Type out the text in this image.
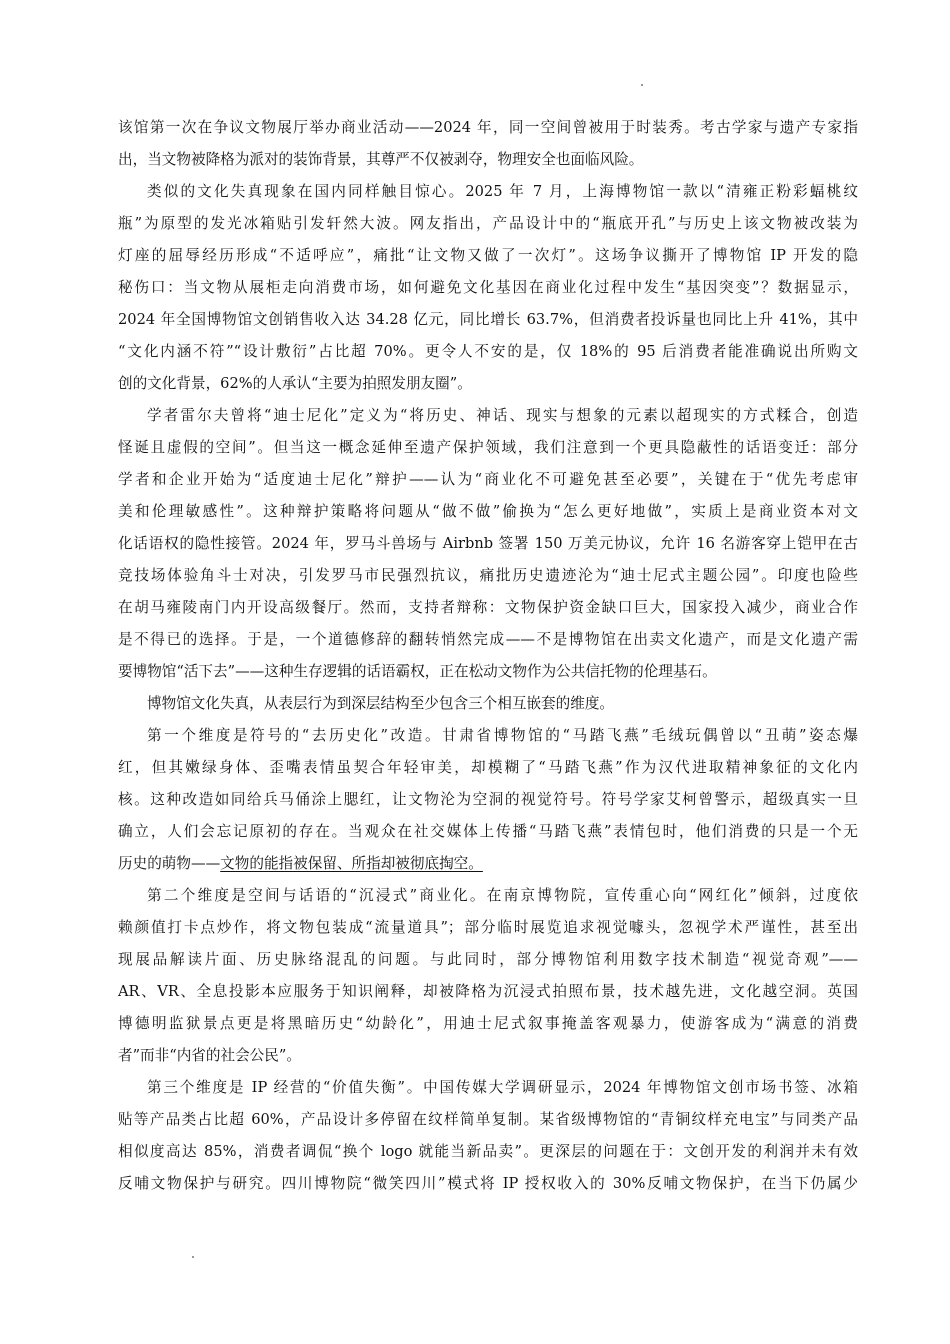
该馆第一次在争议文物展厅举办商业活动——2024 年，同一空间曾被用于时装秀。考古学家与遗产专家指
出，当文物被降格为派对的装饰背景，其尊严不仅被剥夺，物理安全也面临风险。
类似的文化失真现象在国内同样触目惊心。2025 年 7 月，上海博物馆一款以“清雍正粉彩蝠桃纹
瓶”为原型的发光冰箱贴引发轩然大波。网友指出，产品设计中的“瓶底开孔”与历史上该文物被改装为
灯座的屈辱经历形成“不适呼应”，痛批“让文物又做了一次灯”。这场争议撕开了博物馆 IP 开发的隐
秘伤口：当文物从展柜走向消费市场，如何避免文化基因在商业化过程中发生“基因突变”？数据显示，
2024 年全国博物馆文创销售收入达 34.28 亿元，同比增长 63.7%，但消费者投诉量也同比上升 41%，其中
“文化内涵不符”“设计敷衍”占比超 70%。更令人不安的是，仅 18%的 95 后消费者能准确说出所购文
创的文化背景，62%的人承认“主要为拍照发朋友圈”。
学者雷尔夫曾将“迪士尼化”定义为“将历史、神话、现实与想象的元素以超现实的方式糅合，创造
怪诞且虚假的空间”。但当这一概念延伸至遗产保护领域，我们注意到一个更具隐蔽性的话语变迁：部分
学者和企业开始为“适度迪士尼化”辩护——认为“商业化不可避免甚至必要”，关键在于“优先考虑审
美和伦理敏感性”。这种辩护策略将问题从“做不做”偷换为“怎么更好地做”，实质上是商业资本对文
化话语权的隐性接管。2024 年，罗马斗兽场与 Airbnb 签署 150 万美元协议，允许 16 名游客穿上铠甲在古
竞技场体验角斗士对决，引发罗马市民强烈抗议，痛批历史遗迹沦为“迪士尼式主题公园”。印度也险些
在胡马雍陵南门内开设高级餐厅。然而，支持者辩称：文物保护资金缺口巨大，国家投入减少，商业合作
是不得已的选择。于是，一个道德修辞的翻转悄然完成——不是博物馆在出卖文化遗产，而是文化遗产需
要博物馆“活下去”——这种生存逻辑的话语霸权，正在松动文物作为公共信托物的伦理基石。
博物馆文化失真，从表层行为到深层结构至少包含三个相互嵌套的维度。
第一个维度是符号的“去历史化”改造。甘肃省博物馆的“马踏飞燕”毛绒玩偶曾以“丑萌”姿态爆
红，但其嫩绿身体、歪嘴表情虽契合年轻审美，却模糊了“马踏飞燕”作为汉代进取精神象征的文化内
核。这种改造如同给兵马俑涂上腮红，让文物沦为空洞的视觉符号。符号学家艾柯曾警示，超级真实一旦
确立，人们会忘记原初的存在。当观众在社交媒体上传播“马踏飞燕”表情包时，他们消费的只是一个无
历史的萌物——文物的能指被保留、所指却被彻底掏空。
第二个维度是空间与话语的“沉浸式”商业化。在南京博物院，宣传重心向“网红化”倾斜，过度依
赖颜值打卡点炒作，将文物包装成“流量道具”；部分临时展览追求视觉噱头，忽视学术严谨性，甚至出
现展品解读片面、历史脉络混乱的问题。与此同时，部分博物馆利用数字技术制造“视觉奇观”——
AR、VR、全息投影本应服务于知识阐释，却被降格为沉浸式拍照布景，技术越先进，文化越空洞。英国
博德明监狱景点更是将黑暗历史“幼龄化”，用迪士尼式叙事掩盖客观暴力，使游客成为“满意的消费
者”而非“内省的社会公民”。
第三个维度是 IP 经营的“价值失衡”。中国传媒大学调研显示，2024 年博物馆文创市场书签、冰箱
贴等产品类占比超 60%，产品设计多停留在纹样简单复制。某省级博物馆的“青铜纹样充电宝”与同类产品
相似度高达 85%，消费者调侃“换个 logo 就能当新品卖”。更深层的问题在于：文创开发的利润并未有效
反哺文物保护与研究。四川博物院“微笑四川”模式将 IP 授权收入的 30%反哺文物保护，在当下仍属少
